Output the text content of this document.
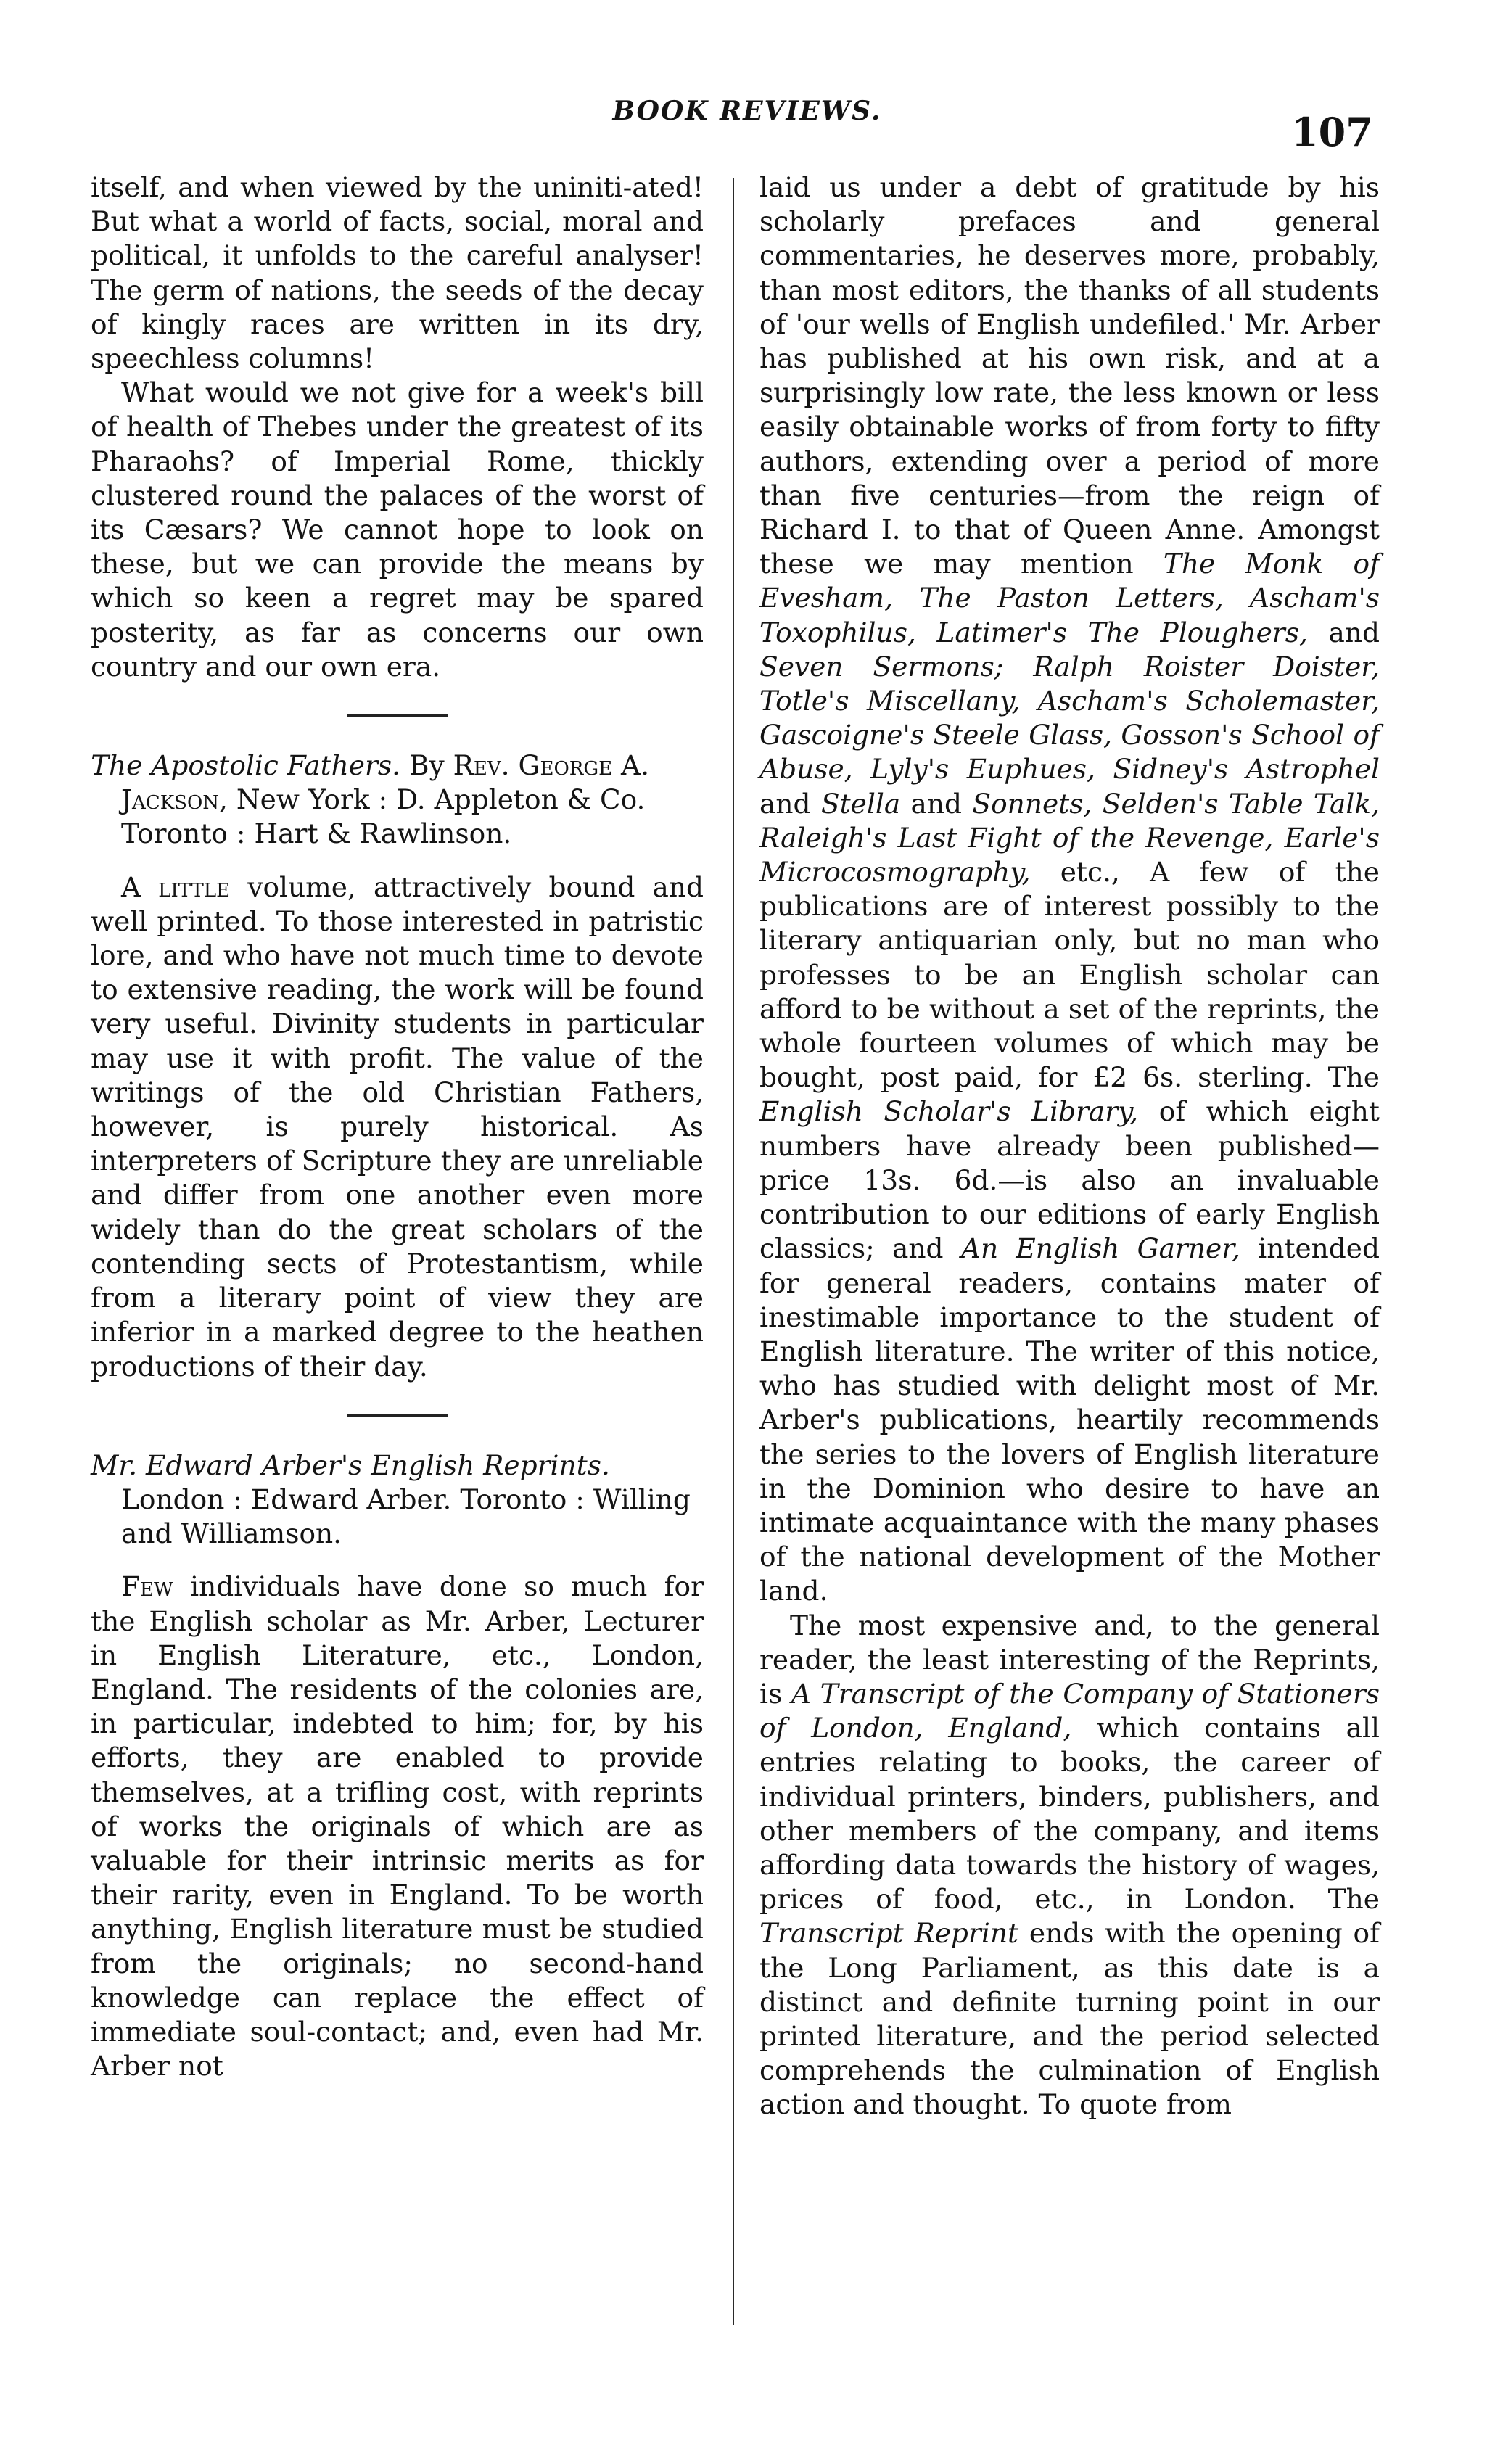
BOOK REVIEWS.	107

itself, and when viewed by the uniniti-ated! But what a world of facts, social, moral and political, it unfolds to the careful analyser! The germ of nations, the seeds of the decay of kingly races are written in its dry, speechless columns!

What would we not give for a week's bill of health of Thebes under the greatest of its Pharaohs? of Imperial Rome, thickly clustered round the palaces of the worst of its Cæsars? We cannot hope to look on these, but we can provide the means by which so keen a regret may be spared posterity, as far as concerns our own country and our own era.

The Apostolic Fathers. By Rev. George A. Jackson, New York : D. Appleton & Co. Toronto : Hart & Rawlinson.

A little volume, attractively bound and well printed. To those interested in patristic lore, and who have not much time to devote to extensive reading, the work will be found very useful. Divinity students in particular may use it with profit. The value of the writings of the old Christian Fathers, however, is purely historical. As interpreters of Scripture they are unreliable and differ from one another even more widely than do the great scholars of the contending sects of Protestantism, while from a literary point of view they are inferior in a marked degree to the heathen productions of their day.

Mr. Edward Arber's English Reprints. London : Edward Arber. Toronto : Willing and Williamson.

Few individuals have done so much for the English scholar as Mr. Arber, Lecturer in English Literature, etc., London, England. The residents of the colonies are, in particular, indebted to him; for, by his efforts, they are enabled to provide themselves, at a trifling cost, with reprints of works the originals of which are as valuable for their intrinsic merits as for their rarity, even in England. To be worth anything, English literature must be studied from the originals; no second-hand knowledge can replace the effect of immediate soul-contact; and, even had Mr. Arber not

laid us under a debt of gratitude by his scholarly prefaces and general commentaries, he deserves more, probably, than most editors, the thanks of all students of 'our wells of English undefiled.' Mr. Arber has published at his own risk, and at a surprisingly low rate, the less known or less easily obtainable works of from forty to fifty authors, extending over a period of more than five centuries—from the reign of Richard I. to that of Queen Anne. Amongst these we may mention The Monk of Evesham, The Paston Letters, Ascham's Toxophilus, Latimer's The Ploughers, and Seven Sermons; Ralph Roister Doister, Totle's Miscellany, Ascham's Scholemaster, Gascoigne's Steele Glass, Gosson's School of Abuse, Lyly's Euphues, Sidney's Astrophel and Stella and Sonnets, Selden's Table Talk, Raleigh's Last Fight of the Revenge, Earle's Microcosmography, etc., A few of the publications are of interest possibly to the literary antiquarian only, but no man who professes to be an English scholar can afford to be without a set of the reprints, the whole fourteen volumes of which may be bought, post paid, for £2 6s. sterling. The English Scholar's Library, of which eight numbers have already been published—price 13s. 6d.—is also an invaluable contribution to our editions of early English classics; and An English Garner, intended for general readers, contains mater of inestimable importance to the student of English literature. The writer of this notice, who has studied with delight most of Mr. Arber's publications, heartily recommends the series to the lovers of English literature in the Dominion who desire to have an intimate acquaintance with the many phases of the national development of the Mother land.

The most expensive and, to the general reader, the least interesting of the Reprints, is A Transcript of the Company of Stationers of London, England, which contains all entries relating to books, the career of individual printers, binders, publishers, and other members of the company, and items affording data towards the history of wages, prices of food, etc., in London. The Transcript Reprint ends with the opening of the Long Parliament, as this date is a distinct and definite turning point in our printed literature, and the period selected comprehends the culmination of English action and thought. To quote from
